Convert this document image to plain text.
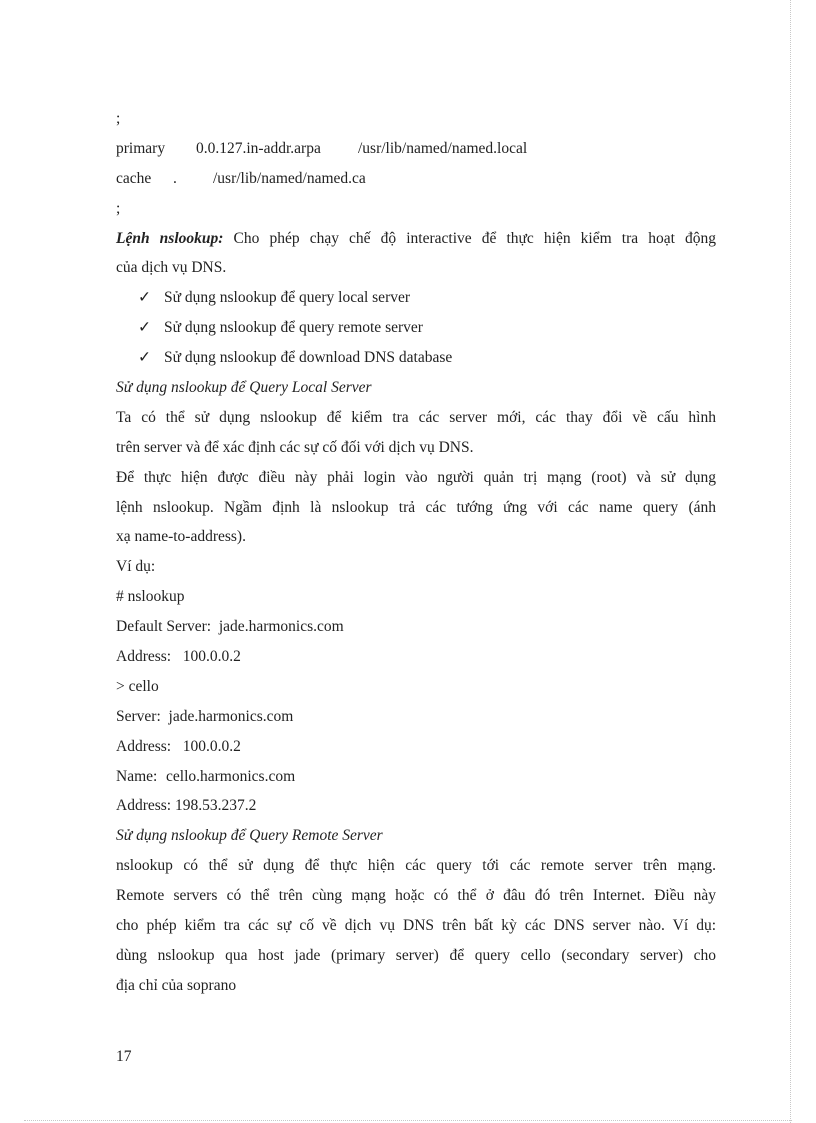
;
primary 0.0.127.in-addr.arpa /usr/lib/named/named.local
cache . /usr/lib/named/named.ca
;
Lệnh nslookup: Cho phép chạy chế độ interactive để thực hiện kiểm tra hoạt động
của dịch vụ DNS.
✓ Sử dụng nslookup để query local server
✓ Sử dụng nslookup để query remote server
✓ Sử dụng nslookup để download DNS database
Sử dụng nslookup để Query Local Server
Ta có thể sử dụng nslookup để kiểm tra các server mới, các thay đổi về cấu hình
trên server và để xác định các sự cố đối với dịch vụ DNS.
Để thực hiện được điều này phải login vào người quản trị mạng (root) và sử dụng
lệnh nslookup. Ngầm định là nslookup trả các tướng ứng với các name query (ánh
xạ name-to-address).
Ví dụ:
# nslookup
Default Server: jade.harmonics.com
Address: 100.0.0.2
> cello
Server: jade.harmonics.com
Address: 100.0.0.2
Name: cello.harmonics.com
Address: 198.53.237.2
Sử dụng nslookup để Query Remote Server
nslookup có thể sử dụng để thực hiện các query tới các remote server trên mạng.
Remote servers có thể trên cùng mạng hoặc có thể ở đâu đó trên Internet. Điều này
cho phép kiểm tra các sự cố về dịch vụ DNS trên bất kỳ các DNS server nào. Ví dụ:
dùng nslookup qua host jade (primary server) để query cello (secondary server) cho
địa chỉ của soprano
17
